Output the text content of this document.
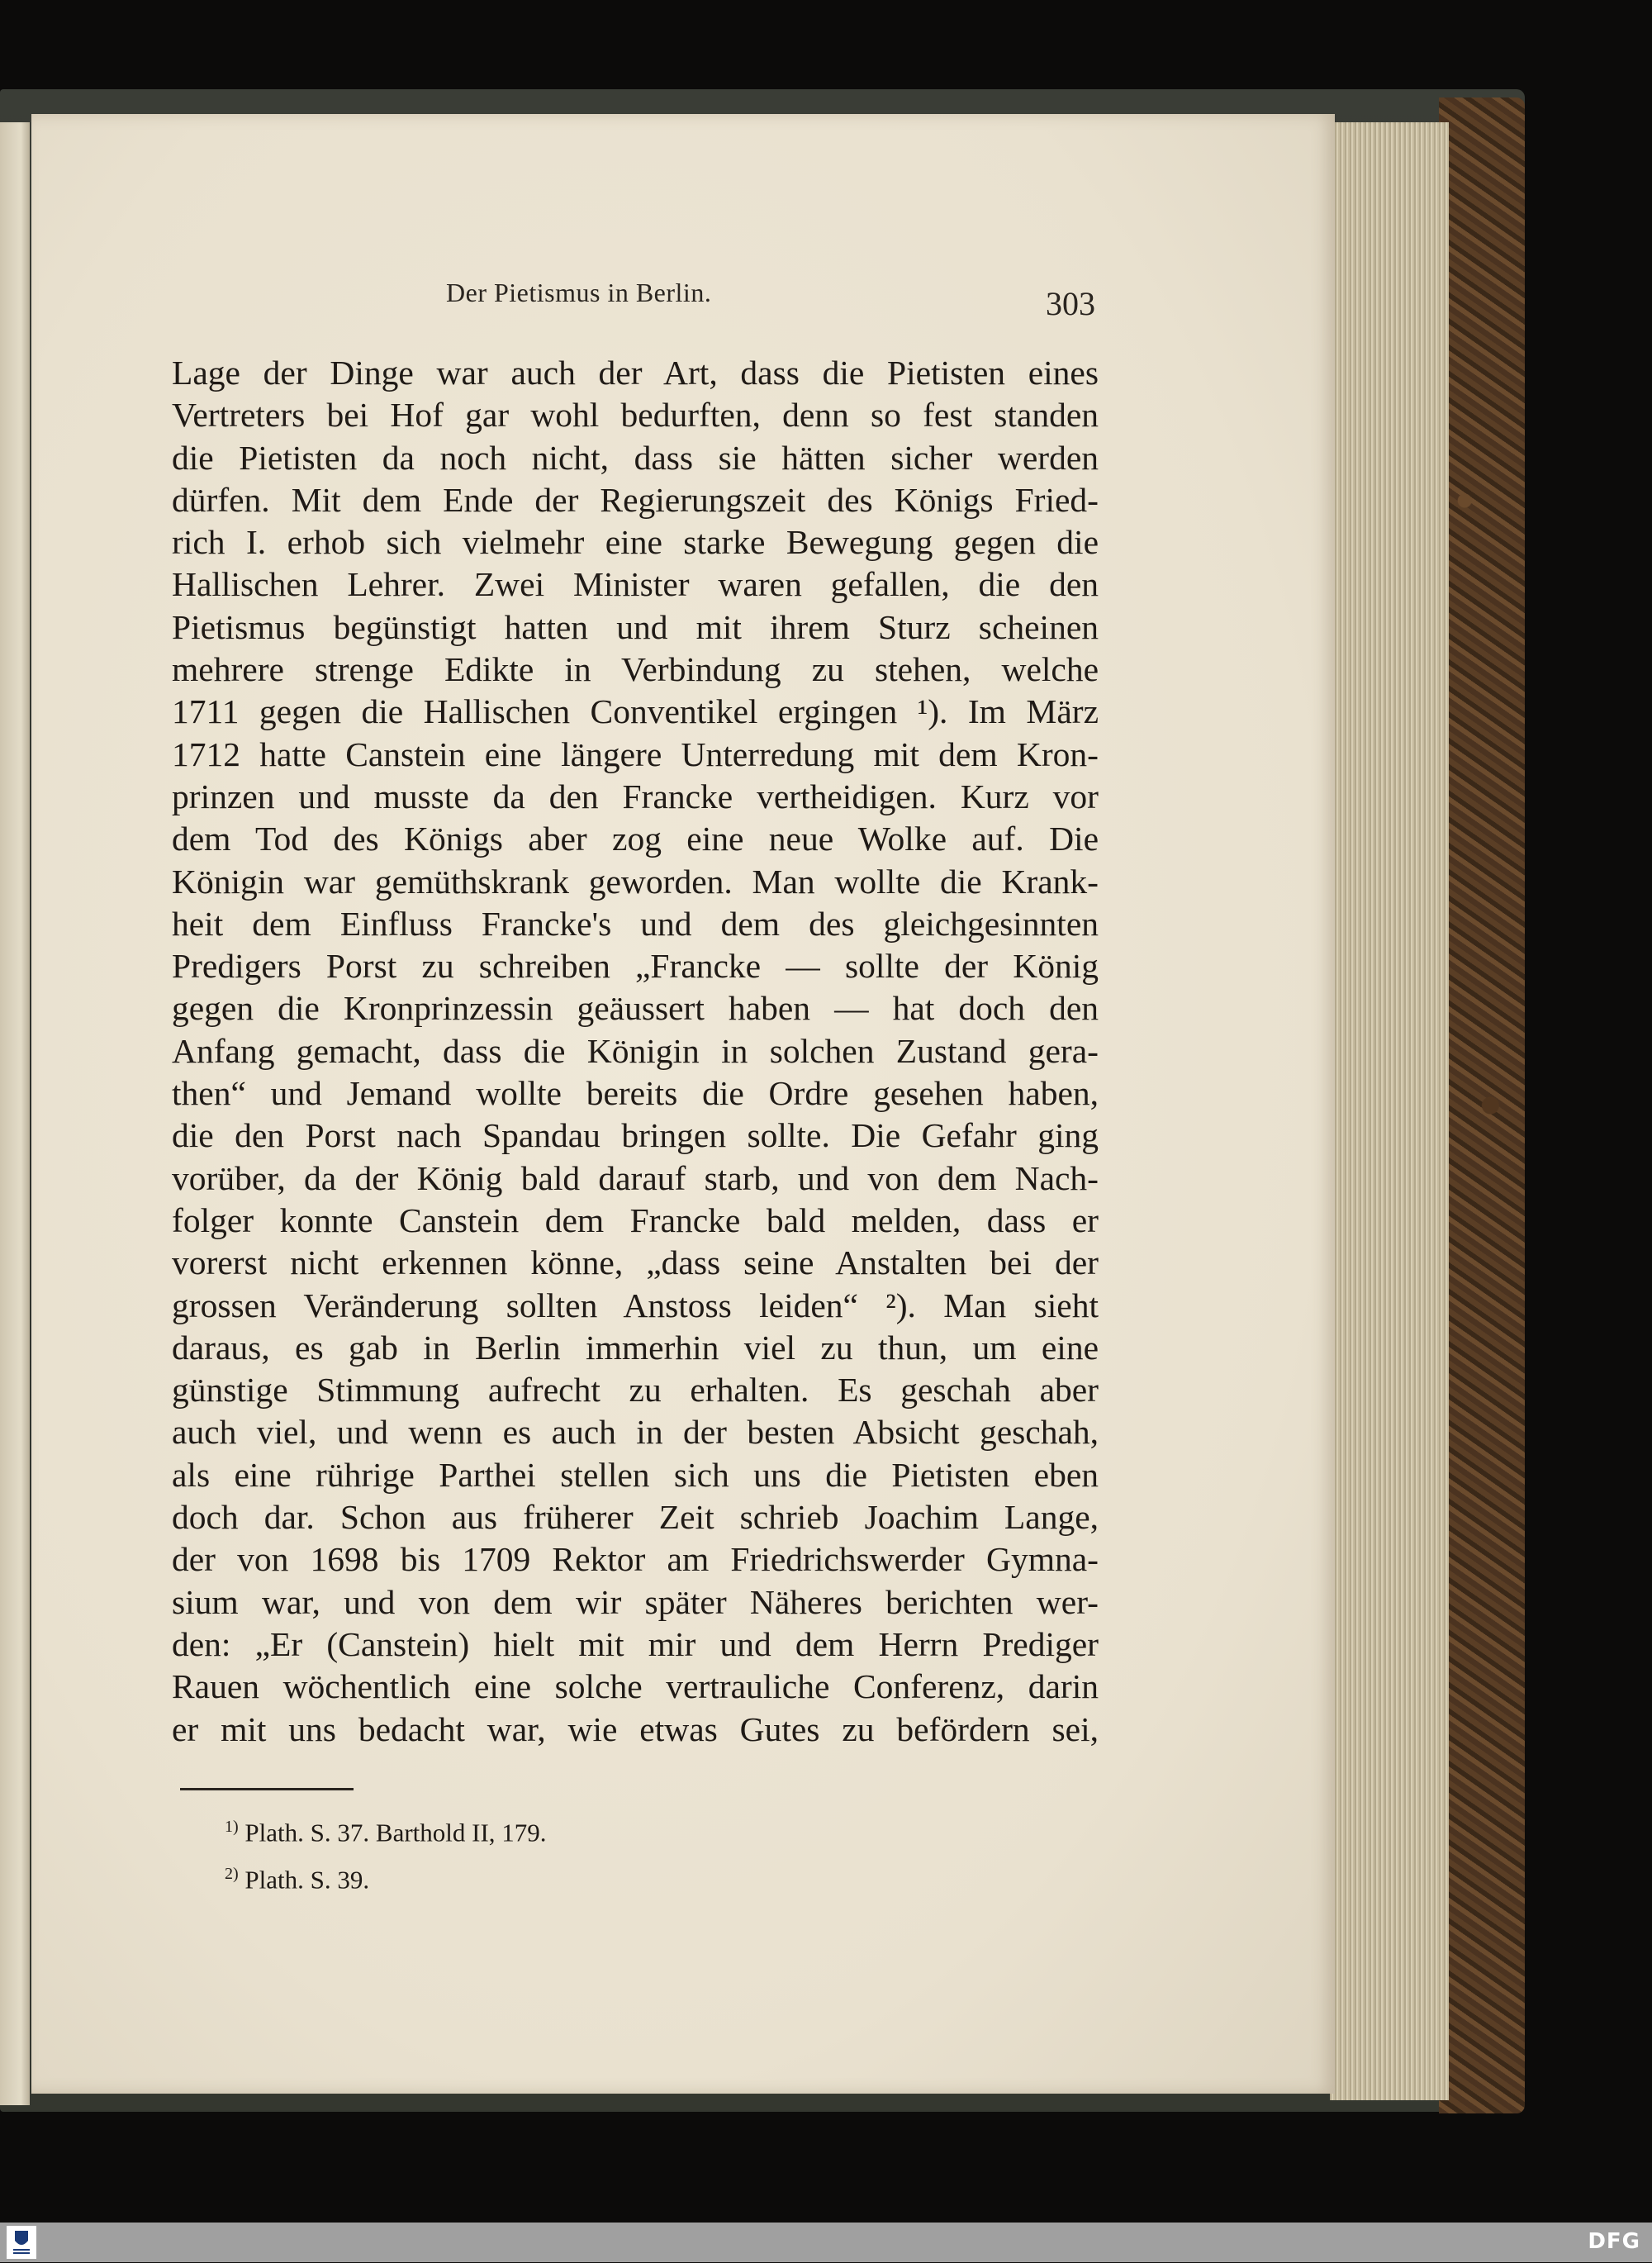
Der Pietismus in Berlin.	303
Lage der Dinge war auch der Art, dass die Pietisten eines
Vertreters bei Hof gar wohl bedurften, denn so fest standen
die Pietisten da noch nicht, dass sie hätten sicher werden
dürfen. Mit dem Ende der Regierungszeit des Königs Fried-
rich I. erhob sich vielmehr eine starke Bewegung gegen die
Hallischen Lehrer. Zwei Minister waren gefallen, die den
Pietismus begünstigt hatten und mit ihrem Sturz scheinen
mehrere strenge Edikte in Verbindung zu stehen, welche
1711 gegen die Hallischen Conventikel ergingen ¹). Im März
1712 hatte Canstein eine längere Unterredung mit dem Kron-
prinzen und musste da den Francke vertheidigen. Kurz vor
dem Tod des Königs aber zog eine neue Wolke auf. Die
Königin war gemüthskrank geworden. Man wollte die Krank-
heit dem Einfluss Francke's und dem des gleichgesinnten
Predigers Porst zu schreiben „Francke — sollte der König
gegen die Kronprinzessin geäussert haben — hat doch den
Anfang gemacht, dass die Königin in solchen Zustand gera-
then“ und Jemand wollte bereits die Ordre gesehen haben,
die den Porst nach Spandau bringen sollte. Die Gefahr ging
vorüber, da der König bald darauf starb, und von dem Nach-
folger konnte Canstein dem Francke bald melden, dass er
vorerst nicht erkennen könne, „dass seine Anstalten bei der
grossen Veränderung sollten Anstoss leiden“ ²). Man sieht
daraus, es gab in Berlin immerhin viel zu thun, um eine
günstige Stimmung aufrecht zu erhalten. Es geschah aber
auch viel, und wenn es auch in der besten Absicht geschah,
als eine rührige Parthei stellen sich uns die Pietisten eben
doch dar. Schon aus früherer Zeit schrieb Joachim Lange,
der von 1698 bis 1709 Rektor am Friedrichswerder Gymna-
sium war, und von dem wir später Näheres berichten wer-
den: „Er (Canstein) hielt mit mir und dem Herrn Prediger
Rauen wöchentlich eine solche vertrauliche Conferenz, darin
er mit uns bedacht war, wie etwas Gutes zu befördern sei,
$^{1)}$ Plath. S. 37. Barthold II, 179.
$^{2)}$ Plath. S. 39.
DFG
